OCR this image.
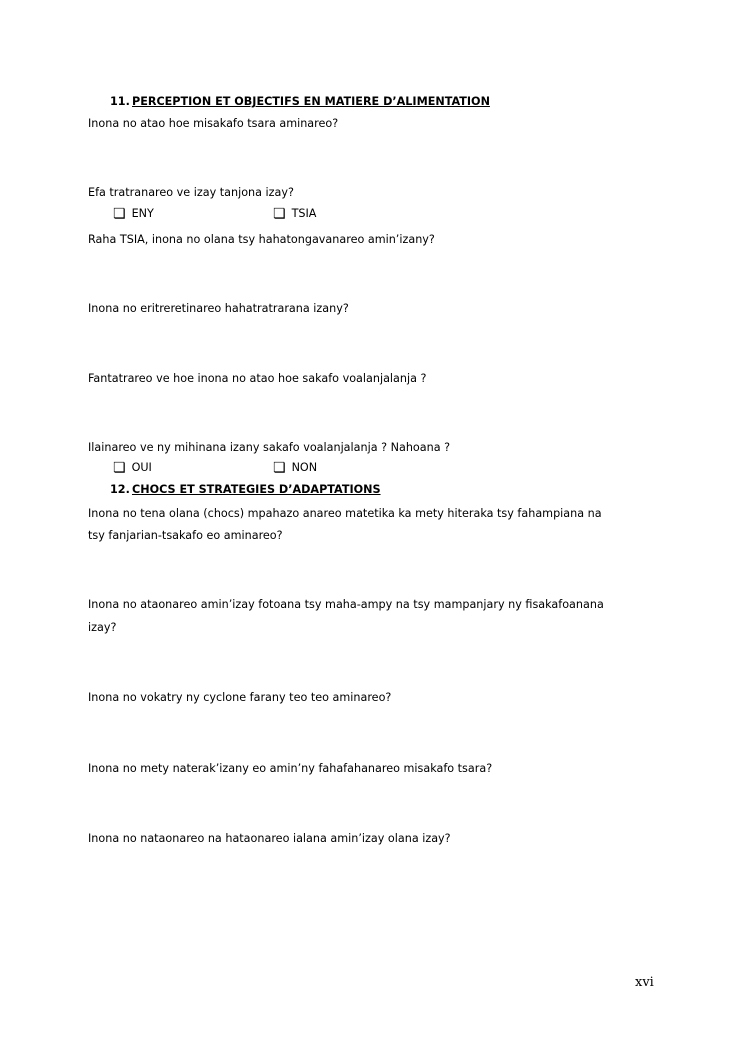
11. PERCEPTION ET OBJECTIFS EN MATIERE D’ALIMENTATION
Inona no atao hoe misakafo tsara aminareo?
Efa tratranareo ve izay tanjona izay?
❏ ENY	❏ TSIA
Raha TSIA, inona no olana tsy hahatongavanareo amin’izany?
Inona no eritreretinareo hahatratrarana izany?
Fantatrareo ve hoe inona no atao hoe sakafo voalanjalanja ?
Ilainareo ve ny mihinana izany sakafo voalanjalanja ? Nahoana ?
❏ OUI	❏ NON
12. CHOCS ET STRATEGIES D’ADAPTATIONS
Inona no tena olana (chocs) mpahazo anareo matetika ka mety hiteraka tsy fahampiana na
tsy fanjarian-tsakafo eo aminareo?
Inona no ataonareo amin’izay fotoana tsy maha-ampy na tsy mampanjary ny fisakafoanana
izay?
Inona no vokatry ny cyclone farany teo teo aminareo?
Inona no mety naterak’izany eo amin’ny fahafahanareo misakafo tsara?
Inona no nataonareo na hataonareo ialana amin’izay olana izay?
xvi
